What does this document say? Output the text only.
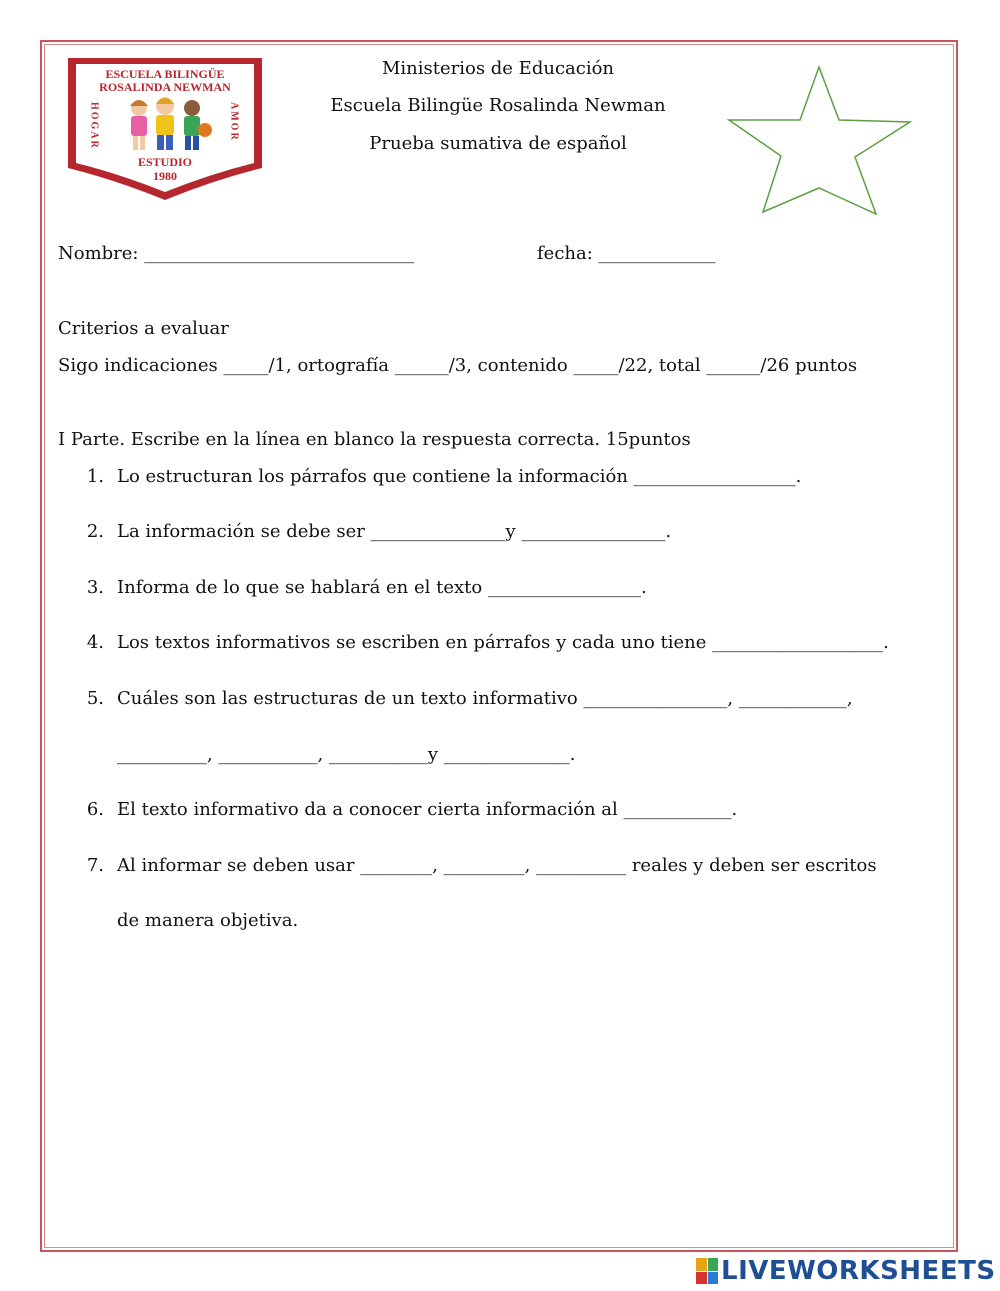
ESCUELA BILINGÜE
ROSALINDA NEWMAN
HOGAR	AMOR
ESTUDIO
1980
Ministerios de Educación
Escuela Bilingüe Rosalinda Newman
Prueba sumativa de español
Nombre: ______________________________	fecha: _____________
Criterios a evaluar
Sigo indicaciones _____/1, ortografía ______/3, contenido _____/22, total ______/26 puntos
I Parte. Escribe en la línea en blanco la respuesta correcta. 15puntos
1. Lo estructuran los párrafos que contiene la información __________________.
2. La información se debe ser _______________y ________________.
3. Informa de lo que se hablará en el texto _________________.
4. Los textos informativos se escriben en párrafos y cada uno tiene ___________________.
5. Cuáles son las estructuras de un texto informativo ________________, ____________,
__________, ___________, ___________y ______________.
6. El texto informativo da a conocer cierta información al ____________.
7. Al informar se deben usar ________, _________, __________ reales y deben ser escritos
de manera objetiva.
LIVEWORKSHEETS
